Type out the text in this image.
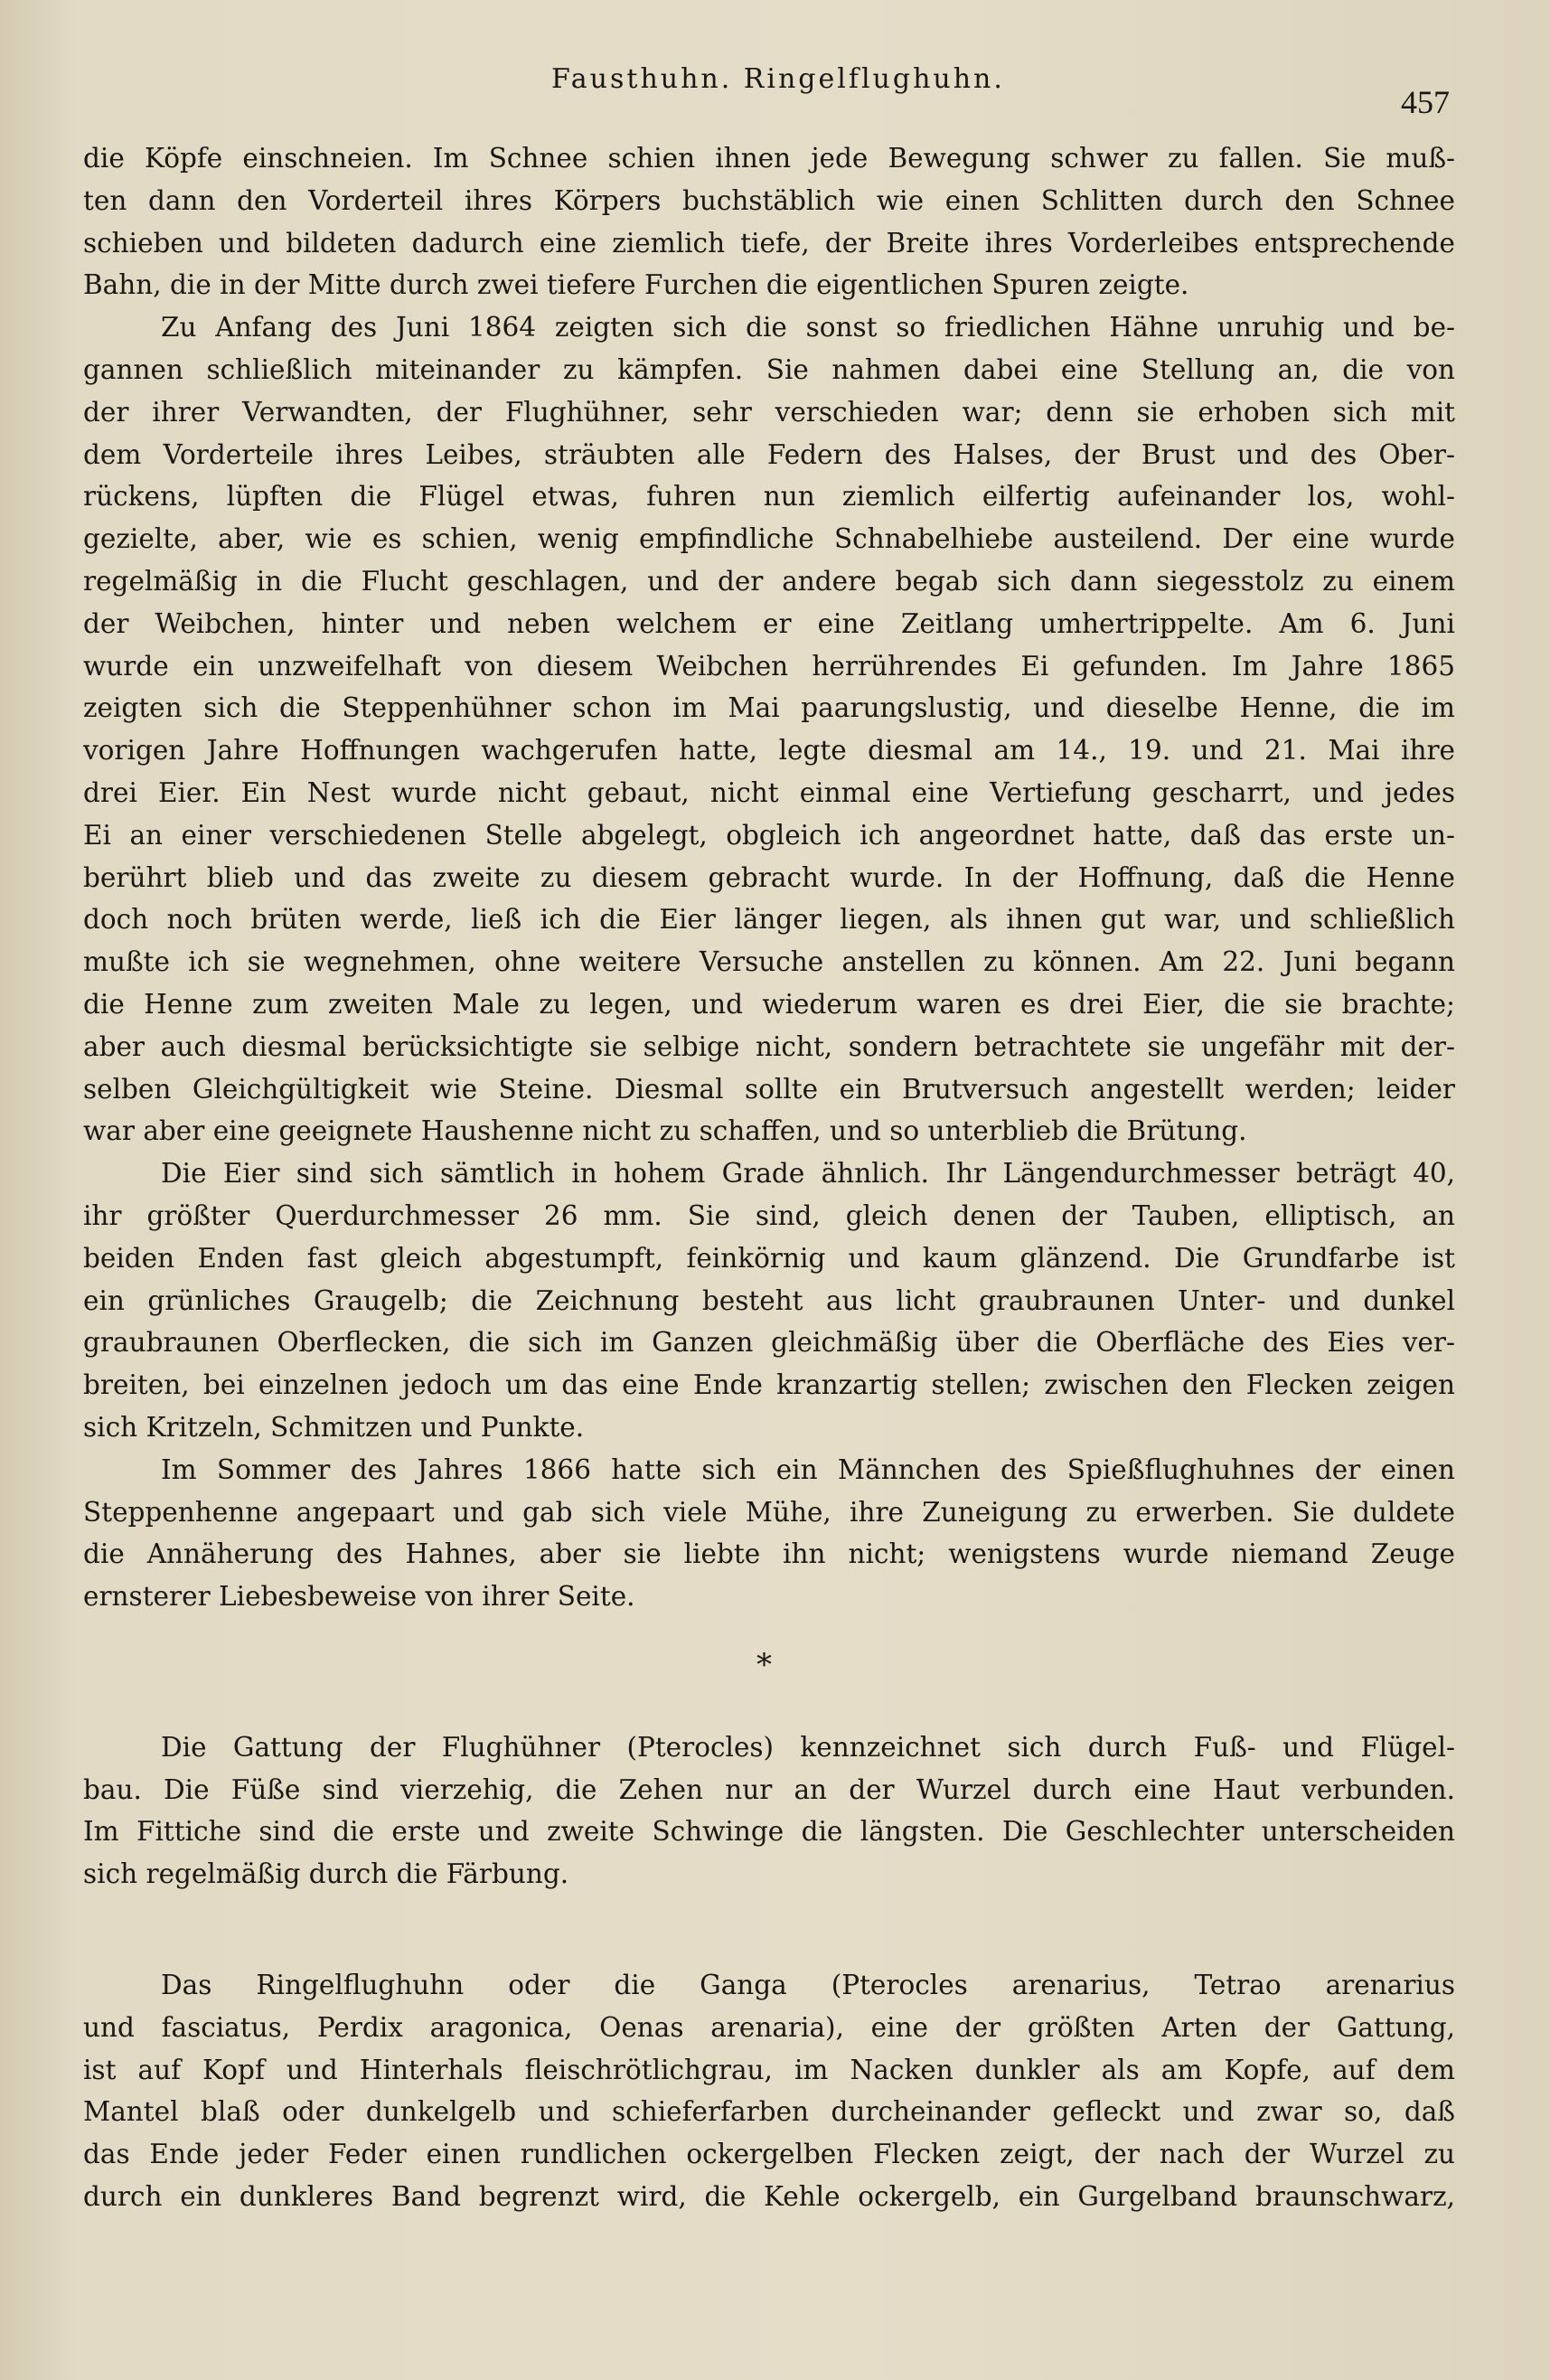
Fausthuhn. Ringelflughuhn.
457
die Köpfe einschneien. Im Schnee schien ihnen jede Bewegung schwer zu fallen. Sie muß-
ten dann den Vorderteil ihres Körpers buchstäblich wie einen Schlitten durch den Schnee
schieben und bildeten dadurch eine ziemlich tiefe, der Breite ihres Vorderleibes entsprechende
Bahn, die in der Mitte durch zwei tiefere Furchen die eigentlichen Spuren zeigte.
Zu Anfang des Juni 1864 zeigten sich die sonst so friedlichen Hähne unruhig und be-
gannen schließlich miteinander zu kämpfen. Sie nahmen dabei eine Stellung an, die von
der ihrer Verwandten, der Flughühner, sehr verschieden war; denn sie erhoben sich mit
dem Vorderteile ihres Leibes, sträubten alle Federn des Halses, der Brust und des Ober-
rückens, lüpften die Flügel etwas, fuhren nun ziemlich eilfertig aufeinander los, wohl-
gezielte, aber, wie es schien, wenig empfindliche Schnabelhiebe austeilend. Der eine wurde
regelmäßig in die Flucht geschlagen, und der andere begab sich dann siegesstolz zu einem
der Weibchen, hinter und neben welchem er eine Zeitlang umhertrippelte. Am 6. Juni
wurde ein unzweifelhaft von diesem Weibchen herrührendes Ei gefunden. Im Jahre 1865
zeigten sich die Steppenhühner schon im Mai paarungslustig, und dieselbe Henne, die im
vorigen Jahre Hoffnungen wachgerufen hatte, legte diesmal am 14., 19. und 21. Mai ihre
drei Eier. Ein Nest wurde nicht gebaut, nicht einmal eine Vertiefung gescharrt, und jedes
Ei an einer verschiedenen Stelle abgelegt, obgleich ich angeordnet hatte, daß das erste un-
berührt blieb und das zweite zu diesem gebracht wurde. In der Hoffnung, daß die Henne
doch noch brüten werde, ließ ich die Eier länger liegen, als ihnen gut war, und schließlich
mußte ich sie wegnehmen, ohne weitere Versuche anstellen zu können. Am 22. Juni begann
die Henne zum zweiten Male zu legen, und wiederum waren es drei Eier, die sie brachte;
aber auch diesmal berücksichtigte sie selbige nicht, sondern betrachtete sie ungefähr mit der-
selben Gleichgültigkeit wie Steine. Diesmal sollte ein Brutversuch angestellt werden; leider
war aber eine geeignete Haushenne nicht zu schaffen, und so unterblieb die Brütung.
Die Eier sind sich sämtlich in hohem Grade ähnlich. Ihr Längendurchmesser beträgt 40,
ihr größter Querdurchmesser 26 mm. Sie sind, gleich denen der Tauben, elliptisch, an
beiden Enden fast gleich abgestumpft, feinkörnig und kaum glänzend. Die Grundfarbe ist
ein grünliches Graugelb; die Zeichnung besteht aus licht graubraunen Unter- und dunkel
graubraunen Oberflecken, die sich im Ganzen gleichmäßig über die Oberfläche des Eies ver-
breiten, bei einzelnen jedoch um das eine Ende kranzartig stellen; zwischen den Flecken zeigen
sich Kritzeln, Schmitzen und Punkte.
Im Sommer des Jahres 1866 hatte sich ein Männchen des Spießflughuhnes der einen
Steppenhenne angepaart und gab sich viele Mühe, ihre Zuneigung zu erwerben. Sie duldete
die Annäherung des Hahnes, aber sie liebte ihn nicht; wenigstens wurde niemand Zeuge
ernsterer Liebesbeweise von ihrer Seite.
*
Die Gattung der Flughühner (Pterocles) kennzeichnet sich durch Fuß- und Flügel-
bau. Die Füße sind vierzehig, die Zehen nur an der Wurzel durch eine Haut verbunden.
Im Fittiche sind die erste und zweite Schwinge die längsten. Die Geschlechter unterscheiden
sich regelmäßig durch die Färbung.
Das Ringelflughuhn oder die Ganga (Pterocles arenarius, Tetrao arenarius
und fasciatus, Perdix aragonica, Oenas arenaria), eine der größten Arten der Gattung,
ist auf Kopf und Hinterhals fleischrötlichgrau, im Nacken dunkler als am Kopfe, auf dem
Mantel blaß oder dunkelgelb und schieferfarben durcheinander gefleckt und zwar so, daß
das Ende jeder Feder einen rundlichen ockergelben Flecken zeigt, der nach der Wurzel zu
durch ein dunkleres Band begrenzt wird, die Kehle ockergelb, ein Gurgelband braunschwarz,
